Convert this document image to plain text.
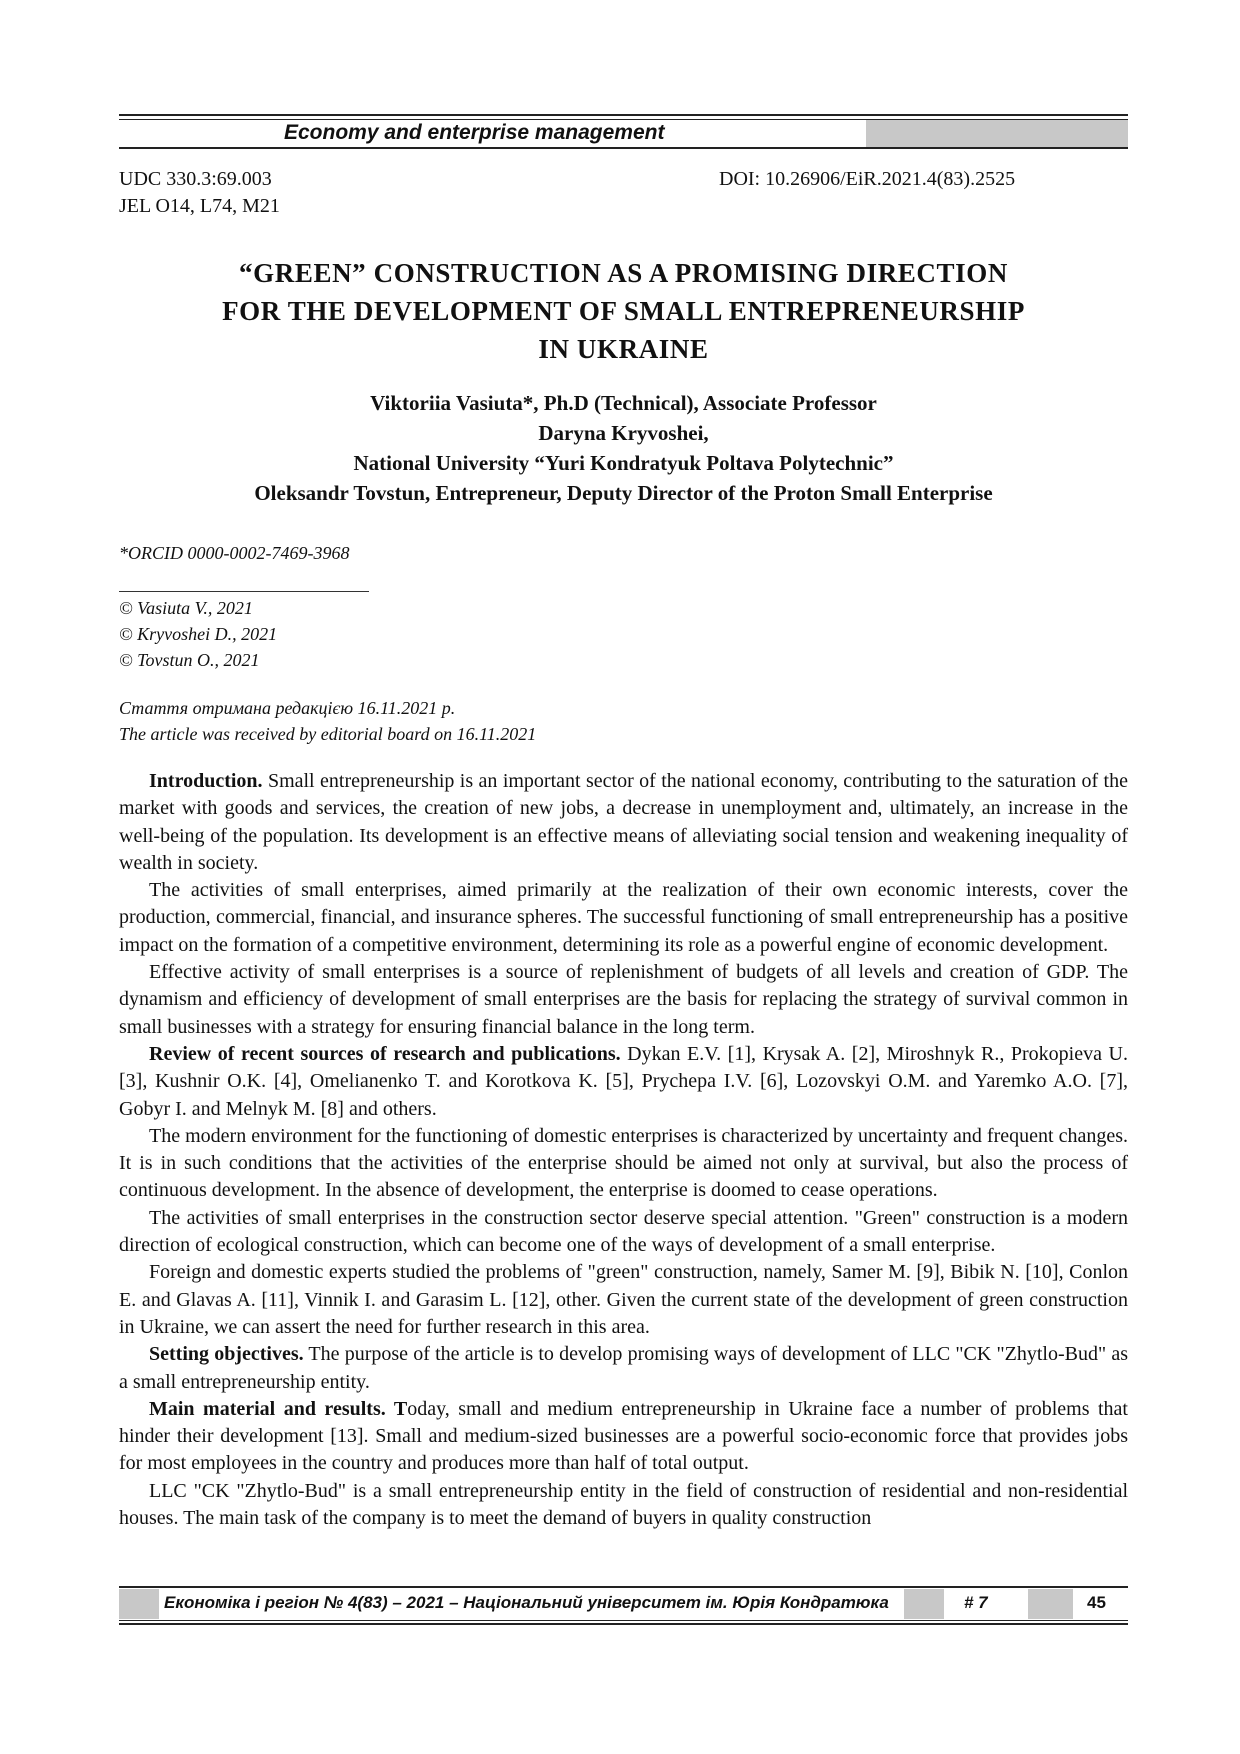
Economy and enterprise management
UDC 330.3:69.003
JEL O14, L74, M21
DOI: 10.26906/EiR.2021.4(83).2525
“GREEN” CONSTRUCTION AS A PROMISING DIRECTION
FOR THE DEVELOPMENT OF SMALL ENTREPRENEURSHIP
IN UKRAINE
Viktoriia Vasiuta*, Ph.D (Technical), Associate Professor
Daryna Kryvoshei,
National University “Yuri Kondratyuk Poltava Polytechnic”
Oleksandr Tovstun, Entrepreneur, Deputy Director of the Proton Small Enterprise
*ORCID 0000-0002-7469-3968
© Vasiuta V., 2021
© Kryvoshei D., 2021
© Tovstun O., 2021
Стаття отримана редакцією 16.11.2021 р.
The article was received by editorial board on 16.11.2021

Introduction. Small entrepreneurship is an important sector of the national economy, contributing to the saturation of the market with goods and services, the creation of new jobs, a decrease in unemployment and, ultimately, an increase in the well-being of the population. Its development is an effective means of alleviating social tension and weakening inequality of wealth in society.

The activities of small enterprises, aimed primarily at the realization of their own economic interests, cover the production, commercial, financial, and insurance spheres. The successful functioning of small entrepreneurship has a positive impact on the formation of a competitive environment, determining its role as a powerful engine of economic development.

Effective activity of small enterprises is a source of replenishment of budgets of all levels and creation of GDP. The dynamism and efficiency of development of small enterprises are the basis for replacing the strategy of survival common in small businesses with a strategy for ensuring financial balance in the long term.

Review of recent sources of research and publications. Dykan E.V. [1], Krysak A. [2], Miroshnyk R., Prokopieva U. [3], Kushnir O.K. [4], Omelianenko T. and Korotkova K. [5], Prychepa I.V. [6], Lozovskyi O.M. and Yaremko A.O. [7], Gobyr I. and Melnyk M. [8] and others.

The modern environment for the functioning of domestic enterprises is characterized by uncertainty and frequent changes. It is in such conditions that the activities of the enterprise should be aimed not only at survival, but also the process of continuous development. In the absence of development, the enterprise is doomed to cease operations.

The activities of small enterprises in the construction sector deserve special attention. "Green" construction is a modern direction of ecological construction, which can become one of the ways of development of a small enterprise.

Foreign and domestic experts studied the problems of "green" construction, namely, Samer M. [9], Bibik N. [10], Conlon E. and Glavas A. [11], Vinnik I. and Garasim L. [12], other. Given the current state of the development of green construction in Ukraine, we can assert the need for further research in this area.

Setting objectives. The purpose of the article is to develop promising ways of development of LLC "CK "Zhytlo-Bud" as a small entrepreneurship entity.

Main material and results. Today, small and medium entrepreneurship in Ukraine face a number of problems that hinder their development [13]. Small and medium-sized businesses are a powerful socio-economic force that provides jobs for most employees in the country and produces more than half of total output.

LLC "CK "Zhytlo-Bud" is a small entrepreneurship entity in the field of construction of residential and non-residential houses. The main task of the company is to meet the demand of buyers in quality construction

Економіка і регіон № 4(83) – 2021 – Національний університет ім. Юрія Кондратюка	# 7	45
